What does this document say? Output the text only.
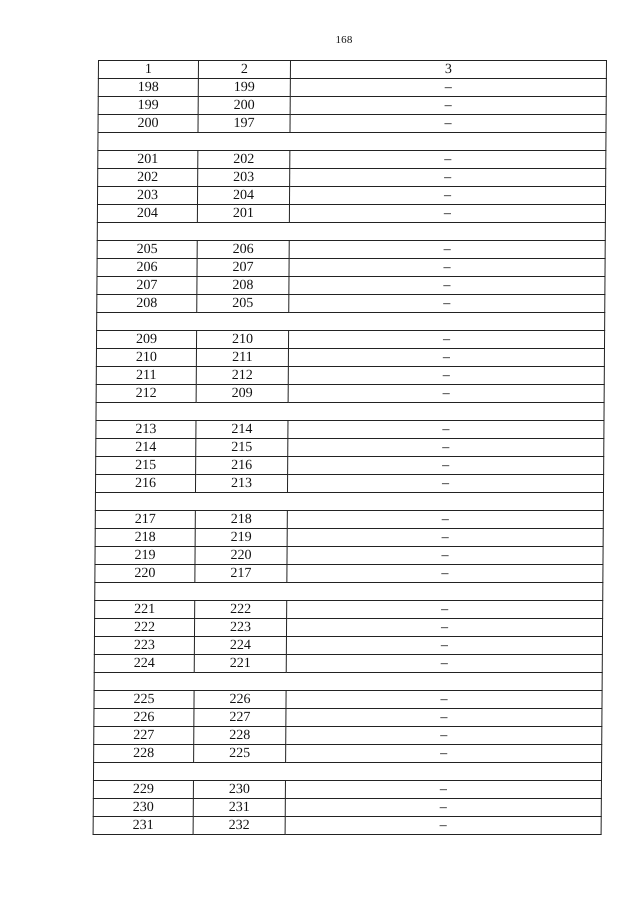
168
1	2	3
198	199	–
199	200	–
200	197	–

201	202	–
202	203	–
203	204	–
204	201	–

205	206	–
206	207	–
207	208	–
208	205	–

209	210	–
210	211	–
211	212	–
212	209	–

213	214	–
214	215	–
215	216	–
216	213	–

217	218	–
218	219	–
219	220	–
220	217	–

221	222	–
222	223	–
223	224	–
224	221	–

225	226	–
226	227	–
227	228	–
228	225	–

229	230	–
230	231	–
231	232	–
